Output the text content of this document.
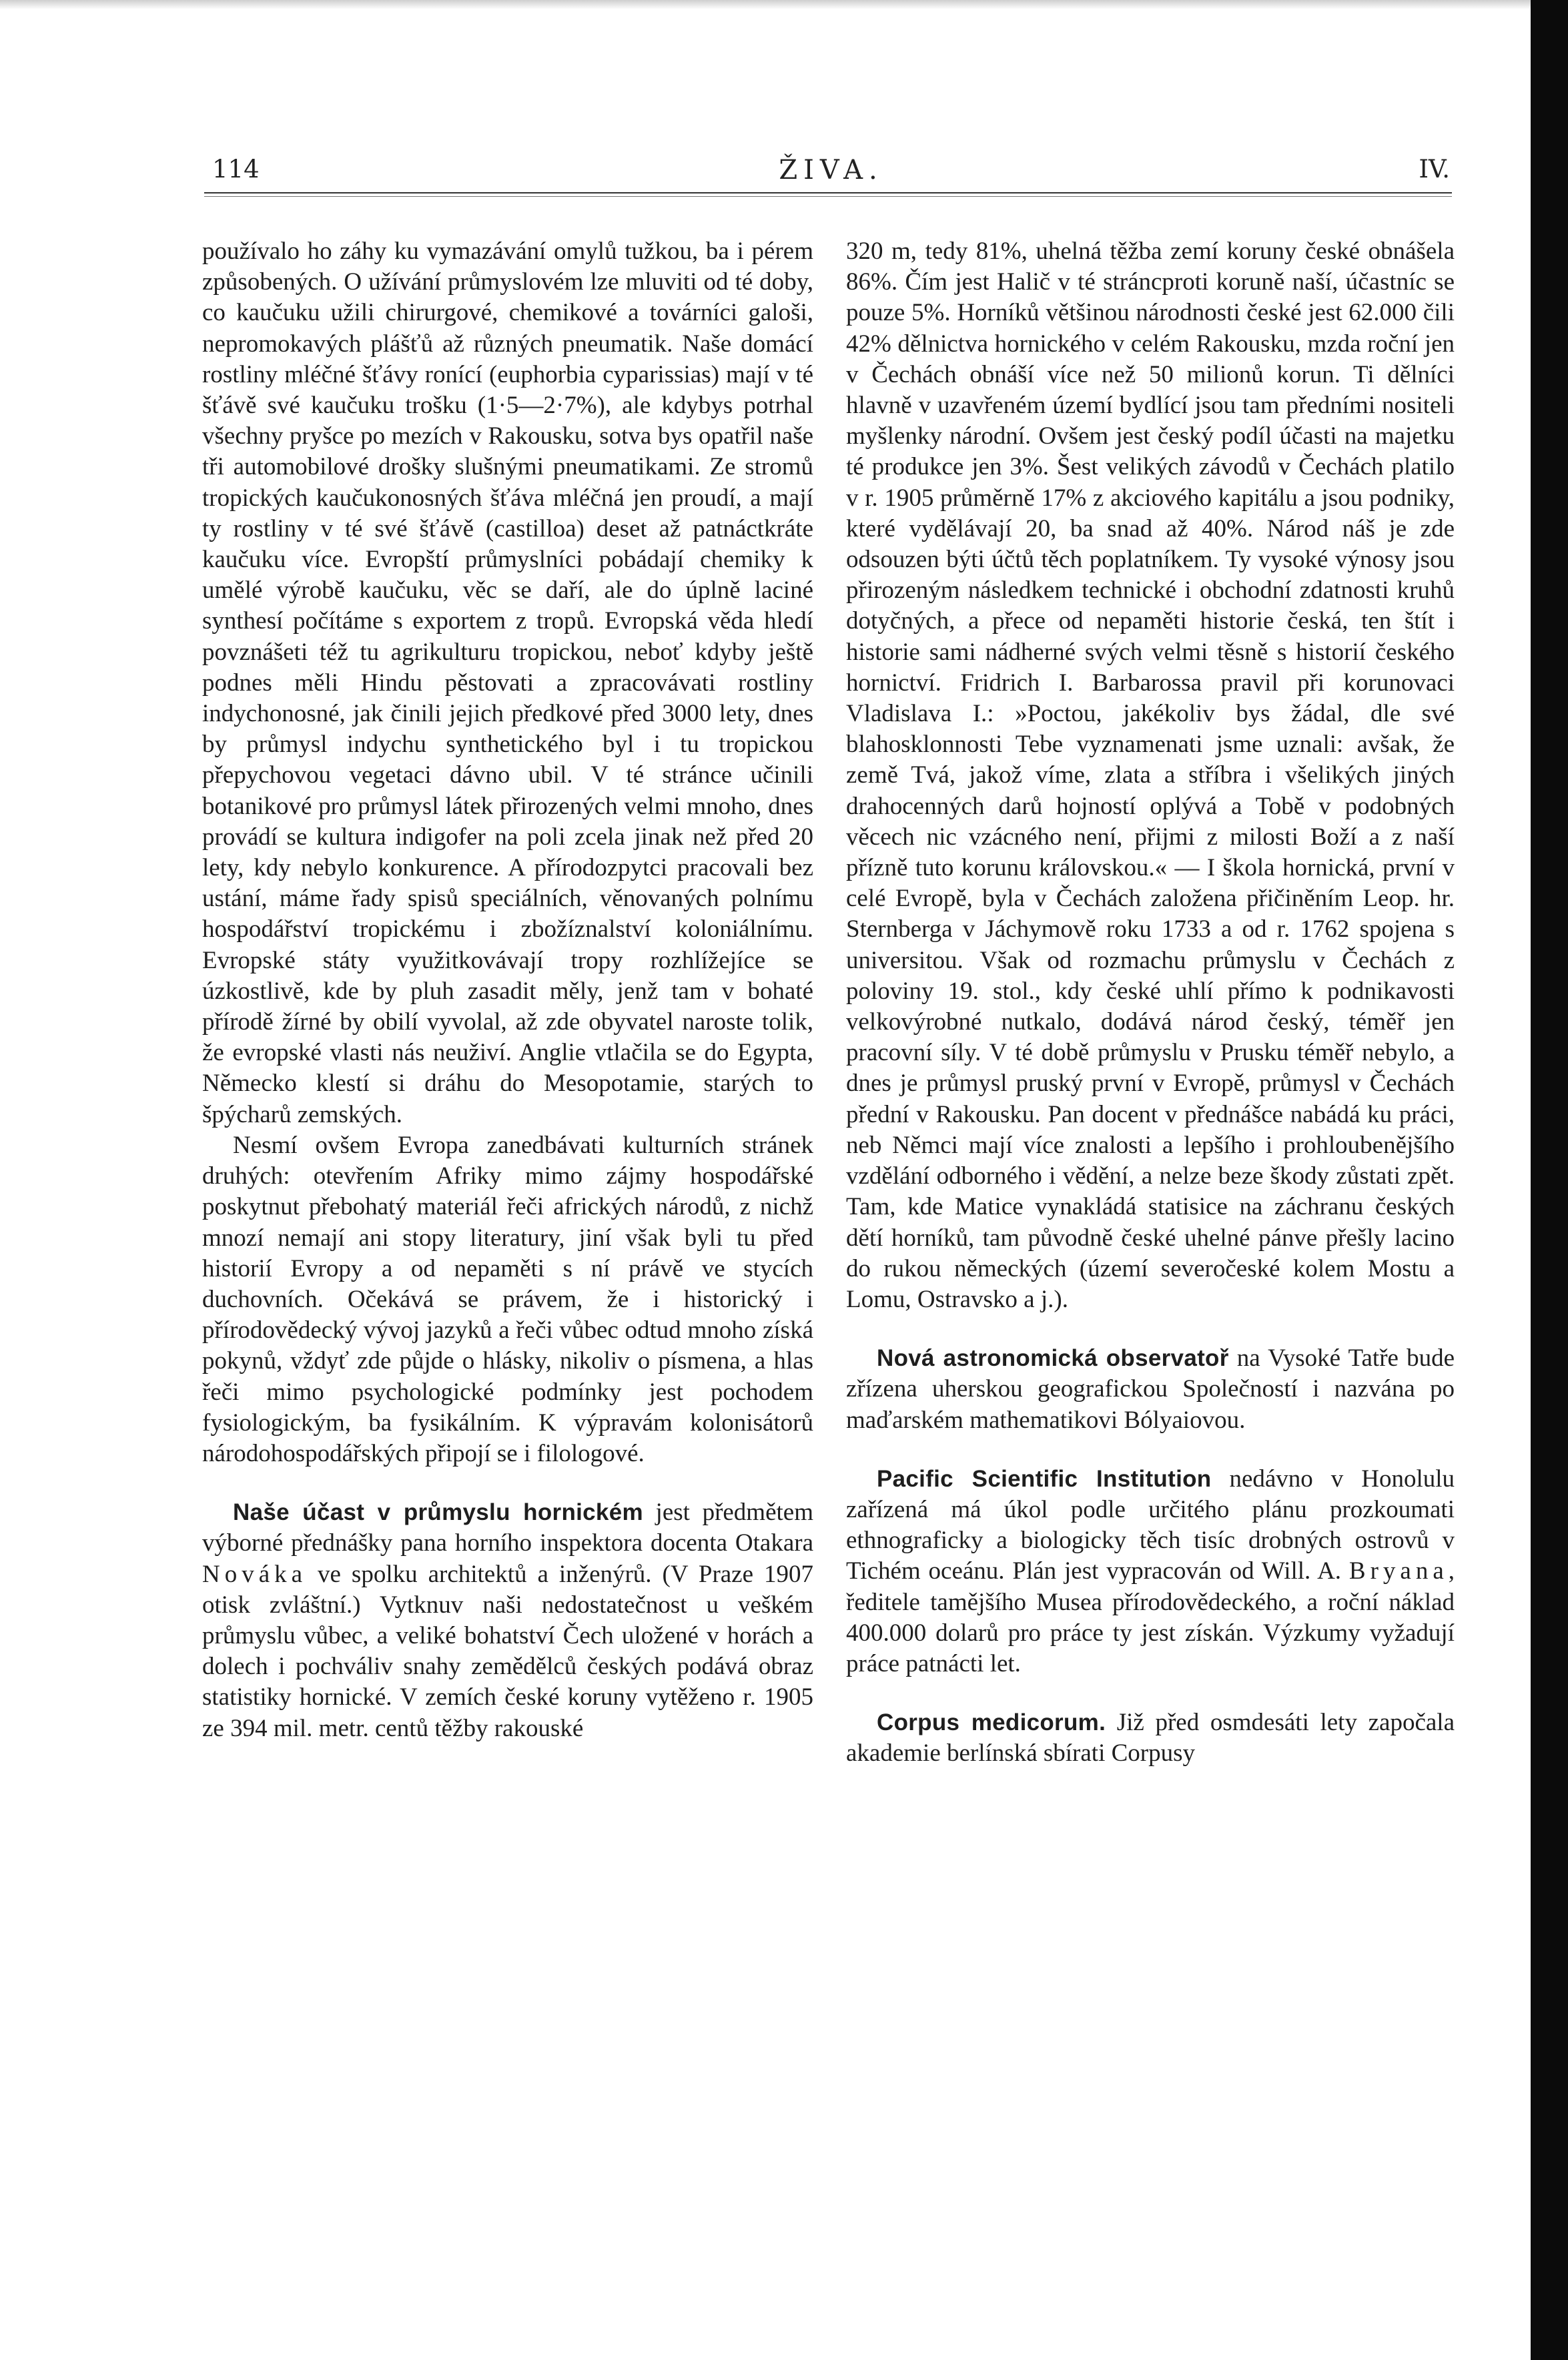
114	ŽIVA.	IV.

používalo ho záhy ku vymazávání omylů tužkou, ba i pérem způsobených. O užívání průmyslovém lze mluviti od té doby, co kaučuku užili chirurgové, chemikové a továrníci galoši, nepromokavých plášťů až různých pneumatik. Naše domácí rostliny mléčné šťávy ronící (euphorbia cyparissias) mají v té šťávě své kaučuku trošku (1·5—2·7%), ale kdybys potrhal všechny pryšce po mezích v Rakousku, sotva bys opatřil naše tři automobilové drošky slušnými pneumatikami. Ze stromů tropických kaučukonosných šťáva mléčná jen proudí, a mají ty rostliny v té své šťávě (castilloa) deset až patnáctkráte kaučuku více. Evropští průmyslníci pobádají chemiky k umělé výrobě kaučuku, věc se daří, ale do úplně laciné synthesí počítáme s exportem z tropů. Evropská věda hledí povznášeti též tu agrikulturu tropickou, neboť kdyby ještě podnes měli Hindu pěstovati a zpracovávati rostliny indychonosné, jak činili jejich předkové před 3000 lety, dnes by průmysl indychu synthetického byl i tu tropickou přepychovou vegetaci dávno ubil. V té stránce učinili botanikové pro průmysl látek přirozených velmi mnoho, dnes provádí se kultura indigofer na poli zcela jinak než před 20 lety, kdy nebylo konkurence. A přírodozpytci pracovali bez ustání, máme řady spisů speciálních, věnovaných polnímu hospodářství tropickému i zbožíznalství koloniálnímu. Evropské státy využitkovávají tropy rozhlížejíce se úzkostlivě, kde by pluh zasadit měly, jenž tam v bohaté přírodě žírné by obilí vyvolal, až zde obyvatel naroste tolik, že evropské vlasti nás neuživí. Anglie vtlačila se do Egypta, Německo klestí si dráhu do Mesopotamie, starých to špýcharů zemských.

Nesmí ovšem Evropa zanedbávati kulturních stránek druhých: otevřením Afriky mimo zájmy hospodářské poskytnut přebohatý materiál řeči afrických národů, z nichž mnozí nemají ani stopy literatury, jiní však byli tu před historií Evropy a od nepaměti s ní právě ve stycích duchovních. Očekává se právem, že i historický i přírodovědecký vývoj jazyků a řeči vůbec odtud mnoho získá pokynů, vždyť zde půjde o hlásky, nikoliv o písmena, a hlas řeči mimo psychologické podmínky jest pochodem fysiologickým, ba fysikálním. K výpravám kolonisátorů národohospodářských připojí se i filologové.

Naše účast v průmyslu hornickém jest předmětem výborné přednášky pana horního inspektora docenta Otakara Nováka ve spolku architektů a inženýrů. (V Praze 1907 otisk zvláštní.) Vytknuv naši nedostatečnost u veškém průmyslu vůbec, a veliké bohatství Čech uložené v horách a dolech i pochváliv snahy zemědělců českých podává obraz statistiky hornické. V zemích české koruny vytěženo r. 1905 ze 394 mil. metr. centů těžby rakouské

320 m, tedy 81%, uhelná těžba zemí koruny české obnášela 86%. Čím jest Halič v té stráncproti koruně naší, účastníc se pouze 5%. Horníků většinou národnosti české jest 62.000 čili 42% dělnictva hornického v celém Rakousku, mzda roční jen v Čechách obnáší více než 50 milionů korun. Ti dělníci hlavně v uzavřeném území bydlící jsou tam předními nositeli myšlenky národní. Ovšem jest český podíl účasti na majetku té produkce jen 3%. Šest velikých závodů v Čechách platilo v r. 1905 průměrně 17% z akciového kapitálu a jsou podniky, které vydělávají 20, ba snad až 40%. Národ náš je zde odsouzen býti účtů těch poplatníkem. Ty vysoké výnosy jsou přirozeným následkem technické i obchodní zdatnosti kruhů dotyčných, a přece od nepaměti historie česká, ten štít i historie sami nádherné svých velmi těsně s historií českého hornictví. Fridrich I. Barbarossa pravil při korunovaci Vladislava I.: »Poctou, jakékoliv bys žádal, dle své blahosklonnosti Tebe vyznamenati jsme uznali: avšak, že země Tvá, jakož víme, zlata a stříbra i všelikých jiných drahocenných darů hojností oplývá a Tobě v podobných věcech nic vzácného není, přijmi z milosti Boží a z naší přízně tuto korunu královskou.« — I škola hornická, první v celé Evropě, byla v Čechách založena přičiněním Leop. hr. Sternberga v Jáchymově roku 1733 a od r. 1762 spojena s universitou. Však od rozmachu průmyslu v Čechách z poloviny 19. stol., kdy české uhlí přímo k podnikavosti velkovýrobné nutkalo, dodává národ český, téměř jen pracovní síly. V té době průmyslu v Prusku téměř nebylo, a dnes je průmysl pruský první v Evropě, průmysl v Čechách přední v Rakousku. Pan docent v přednášce nabádá ku práci, neb Němci mají více znalosti a lepšího i prohloubenějšího vzdělání odborného i vědění, a nelze beze škody zůstati zpět. Tam, kde Matice vynakládá statisice na záchranu českých dětí horníků, tam původně české uhelné pánve přešly lacino do rukou německých (území severočeské kolem Mostu a Lomu, Ostravsko a j.).

Nová astronomická observatoř na Vysoké Tatře bude zřízena uherskou geografickou Společností i nazvána po maďarském mathematikovi Bólyaiovou.

Pacific Scientific Institution nedávno v Honolulu zařízená má úkol podle určitého plánu prozkoumati ethnograficky a biologicky těch tisíc drobných ostrovů v Tichém oceánu. Plán jest vypracován od Will. A. Bryana, ředitele tamějšího Musea přírodovědeckého, a roční náklad 400.000 dolarů pro práce ty jest získán. Výzkumy vyžadují práce patnácti let.

Corpus medicorum. Již před osmdesáti lety započala akademie berlínská sbírati Corpusy
